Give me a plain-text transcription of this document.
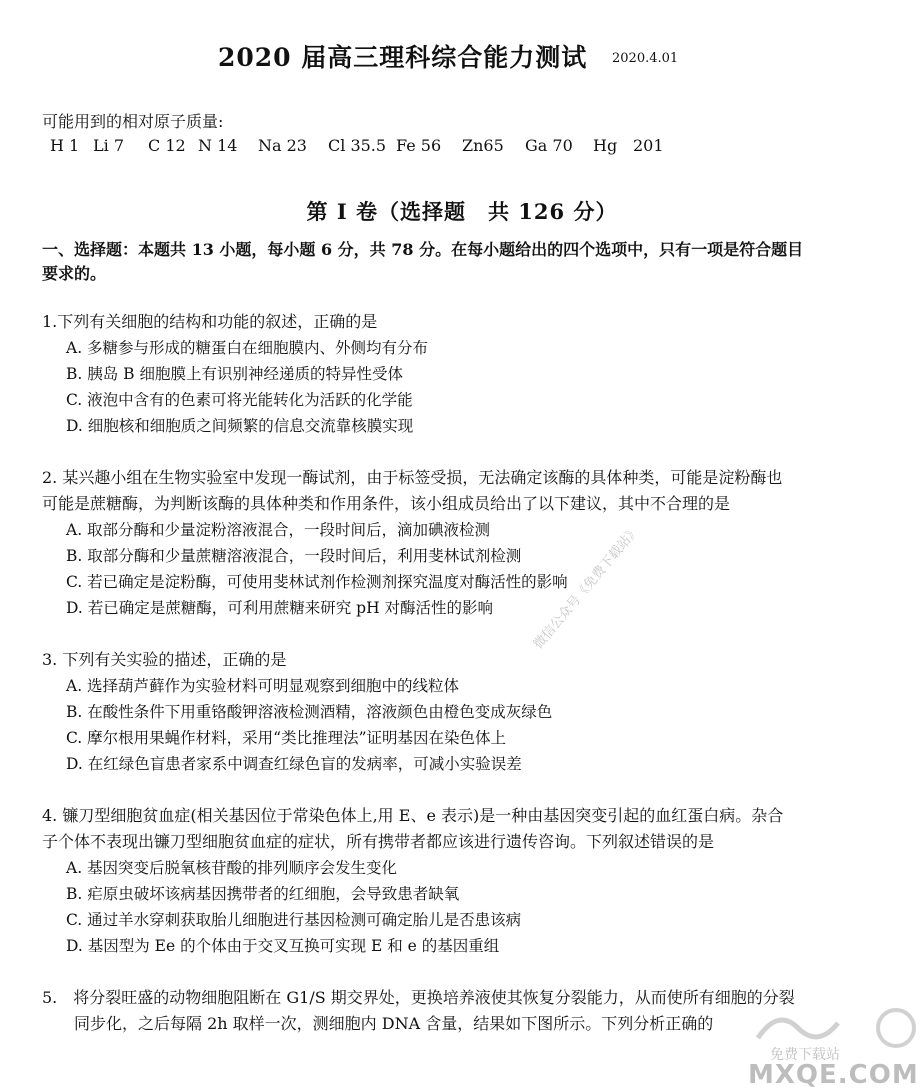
2020 届高三理科综合能力测试 2020.4.01
可能用到的相对原子质量:
H 1 Li 7 C 12 N 14 Na 23 Cl 35.5 Fe 56 Zn65 Ga 70 Hg 201
第 I 卷（选择题　共 126 分）
一、选择题：本题共 13 小题，每小题 6 分，共 78 分。在每小题给出的四个选项中，只有一项是符合题目
要求的。
1.下列有关细胞的结构和功能的叙述，正确的是
A. 多糖参与形成的糖蛋白在细胞膜内、外侧均有分布
B. 胰岛 B 细胞膜上有识别神经递质的特异性受体
C. 液泡中含有的色素可将光能转化为活跃的化学能
D. 细胞核和细胞质之间频繁的信息交流靠核膜实现
2. 某兴趣小组在生物实验室中发现一酶试剂，由于标签受损，无法确定该酶的具体种类，可能是淀粉酶也
可能是蔗糖酶，为判断该酶的具体种类和作用条件，该小组成员给出了以下建议，其中不合理的是
A. 取部分酶和少量淀粉溶液混合，一段时间后，滴加碘液检测
B. 取部分酶和少量蔗糖溶液混合，一段时间后，利用斐林试剂检测
C. 若已确定是淀粉酶，可使用斐林试剂作检测剂探究温度对酶活性的影响
D. 若已确定是蔗糖酶，可利用蔗糖来研究 pH 对酶活性的影响
3. 下列有关实验的描述，正确的是
A. 选择葫芦藓作为实验材料可明显观察到细胞中的线粒体
B. 在酸性条件下用重铬酸钾溶液检测酒精，溶液颜色由橙色变成灰绿色
C. 摩尔根用果蝇作材料，采用“类比推理法”证明基因在染色体上
D. 在红绿色盲患者家系中调查红绿色盲的发病率，可减小实验误差
4. 镰刀型细胞贫血症(相关基因位于常染色体上,用 E、e 表示)是一种由基因突变引起的血红蛋白病。杂合
子个体不表现出镰刀型细胞贫血症的症状，所有携带者都应该进行遗传咨询。下列叙述错误的是
A. 基因突变后脱氧核苷酸的排列顺序会发生变化
B. 疟原虫破坏该病基因携带者的红细胞，会导致患者缺氧
C. 通过羊水穿刺获取胎儿细胞进行基因检测可确定胎儿是否患该病
D. 基因型为 Ee 的个体由于交叉互换可实现 E 和 e 的基因重组
5.　将分裂旺盛的动物细胞阻断在 G1/S 期交界处，更换培养液使其恢复分裂能力，从而使所有细胞的分裂
　　同步化，之后每隔 2h 取样一次，测细胞内 DNA 含量，结果如下图所示。下列分析正确的
微信公众号《免费下载站》
免费下载站
MXQE.COM
